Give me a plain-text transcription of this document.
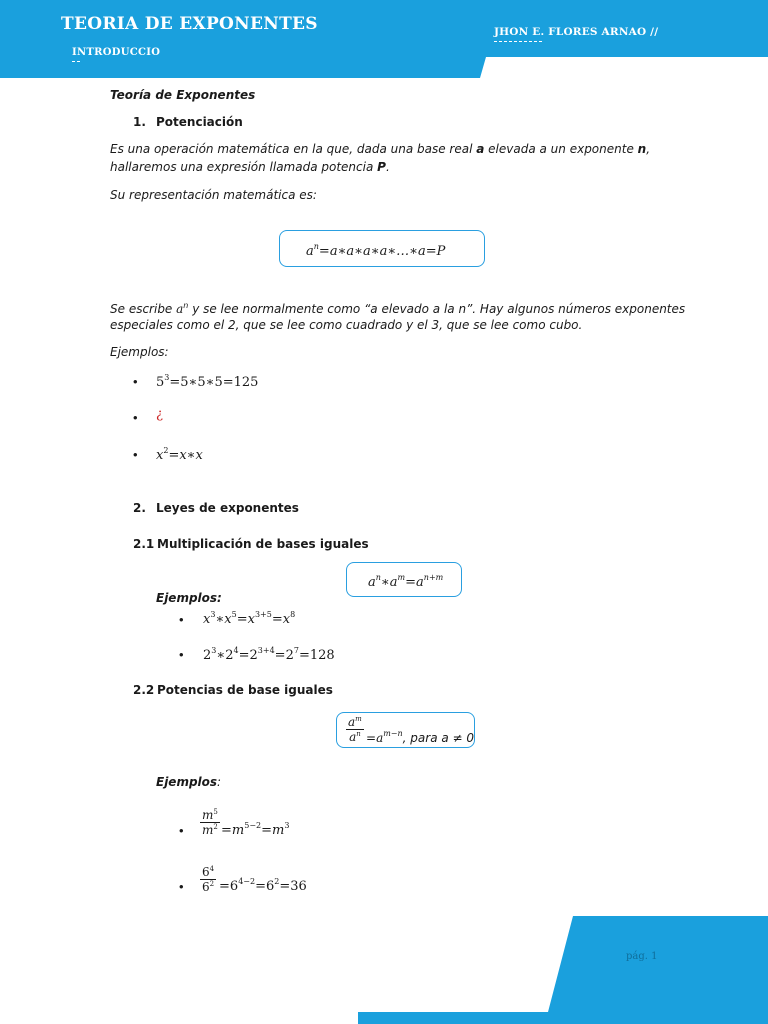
TEORIA DE EXPONENTES
INTRODUCCIO
JHON E. FLORES ARNAO //
Teoría de Exponentes
1. Potenciación
Es una operación matemática en la que, dada una base real a elevada a un exponente n,
hallaremos una expresión llamada potencia P.
Su representación matemática es:
$a^n=a∗a∗a∗a∗\dots∗a=P$
Se escribe $a^n$ y se lee normalmente como “a elevado a la n”. Hay algunos números exponentes
especiales como el 2, que se lee como cuadrado y el 3, que se lee como cubo.
Ejemplos:
• $5^3=5∗5∗5=125$
• ¿
• $x^2=x∗x$
2. Leyes de exponentes
2.1 Multiplicación de bases iguales
$a^n∗a^m=a^{n+m}$
Ejemplos:
• $x^3∗x^5=x^{3+5}=x^8$
• $2^3∗2^4=2^{3+4}=2^7=128$
2.2 Potencias de base iguales
$\frac{a^m}{a^n} =a^{m-n}$, para a ≠ 0
Ejemplos:
• $\frac{m^5}{m^2} =m^{5-2}=m^3$
• $\frac{6^4}{6^2} =6^{4-2}=6^2=36$
pág. 1
